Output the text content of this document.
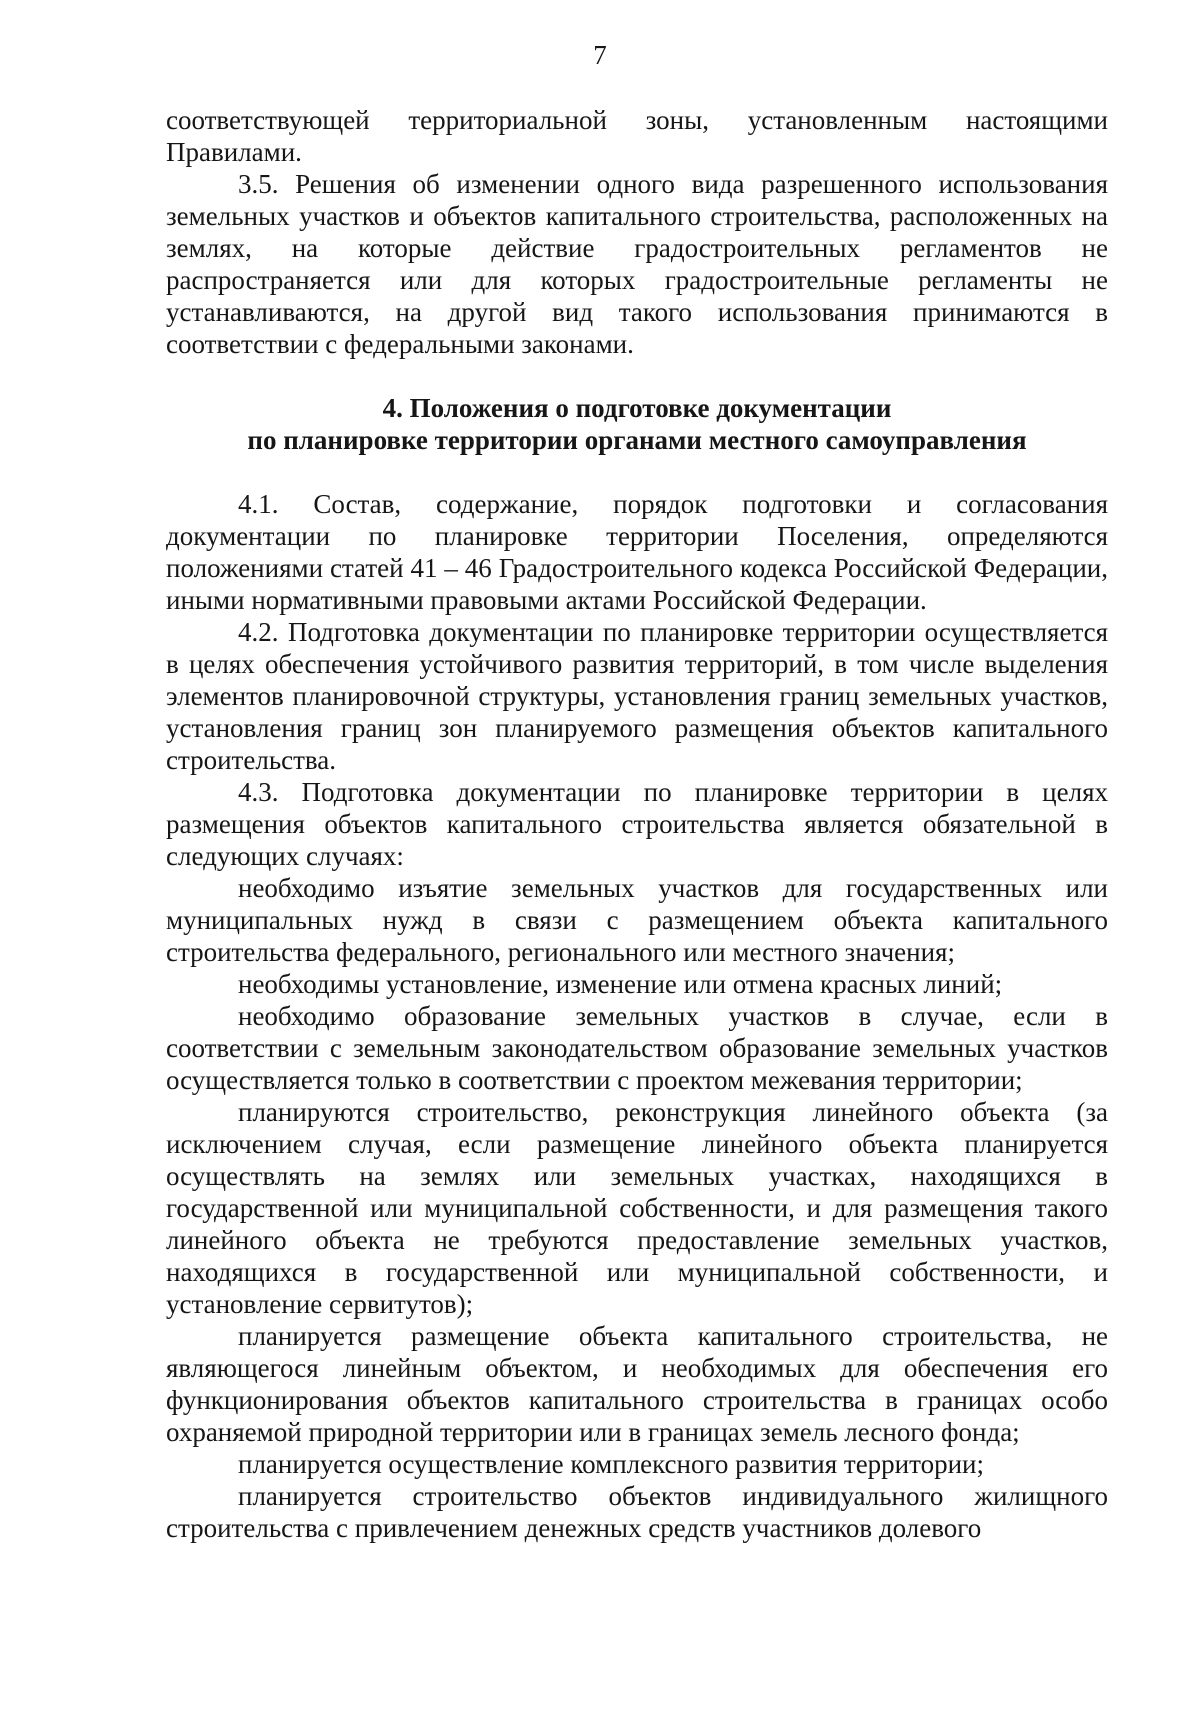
7

соответствующей территориальной зоны, установленным настоящими Правилами.

3.5. Решения об изменении одного вида разрешенного использования земельных участков и объектов капитального строительства, расположенных на землях, на которые действие градостроительных регламентов не распространяется или для которых градостроительные регламенты не устанавливаются, на другой вид такого использования принимаются в соответствии с федеральными законами.

4. Положения о подготовке документации
по планировке территории органами местного самоуправления

4.1. Состав, содержание, порядок подготовки и согласования документации по планировке территории Поселения, определяются положениями статей 41 – 46 Градостроительного кодекса Российской Федерации, иными нормативными правовыми актами Российской Федерации.

4.2. Подготовка документации по планировке территории осуществляется в целях обеспечения устойчивого развития территорий, в том числе выделения элементов планировочной структуры, установления границ земельных участков, установления границ зон планируемого размещения объектов капитального строительства.

4.3. Подготовка документации по планировке территории в целях размещения объектов капитального строительства является обязательной в следующих случаях:

необходимо изъятие земельных участков для государственных или муниципальных нужд в связи с размещением объекта капитального строительства федерального, регионального или местного значения;

необходимы установление, изменение или отмена красных линий;

необходимо образование земельных участков в случае, если в соответствии с земельным законодательством образование земельных участков осуществляется только в соответствии с проектом межевания территории;

планируются строительство, реконструкция линейного объекта (за исключением случая, если размещение линейного объекта планируется осуществлять на землях или земельных участках, находящихся в государственной или муниципальной собственности, и для размещения такого линейного объекта не требуются предоставление земельных участков, находящихся в государственной или муниципальной собственности, и установление сервитутов);

планируется размещение объекта капитального строительства, не являющегося линейным объектом, и необходимых для обеспечения его функционирования объектов капитального строительства в границах особо охраняемой природной территории или в границах земель лесного фонда;

планируется осуществление комплексного развития территории;

планируется строительство объектов индивидуального жилищного строительства с привлечением денежных средств участников долевого
